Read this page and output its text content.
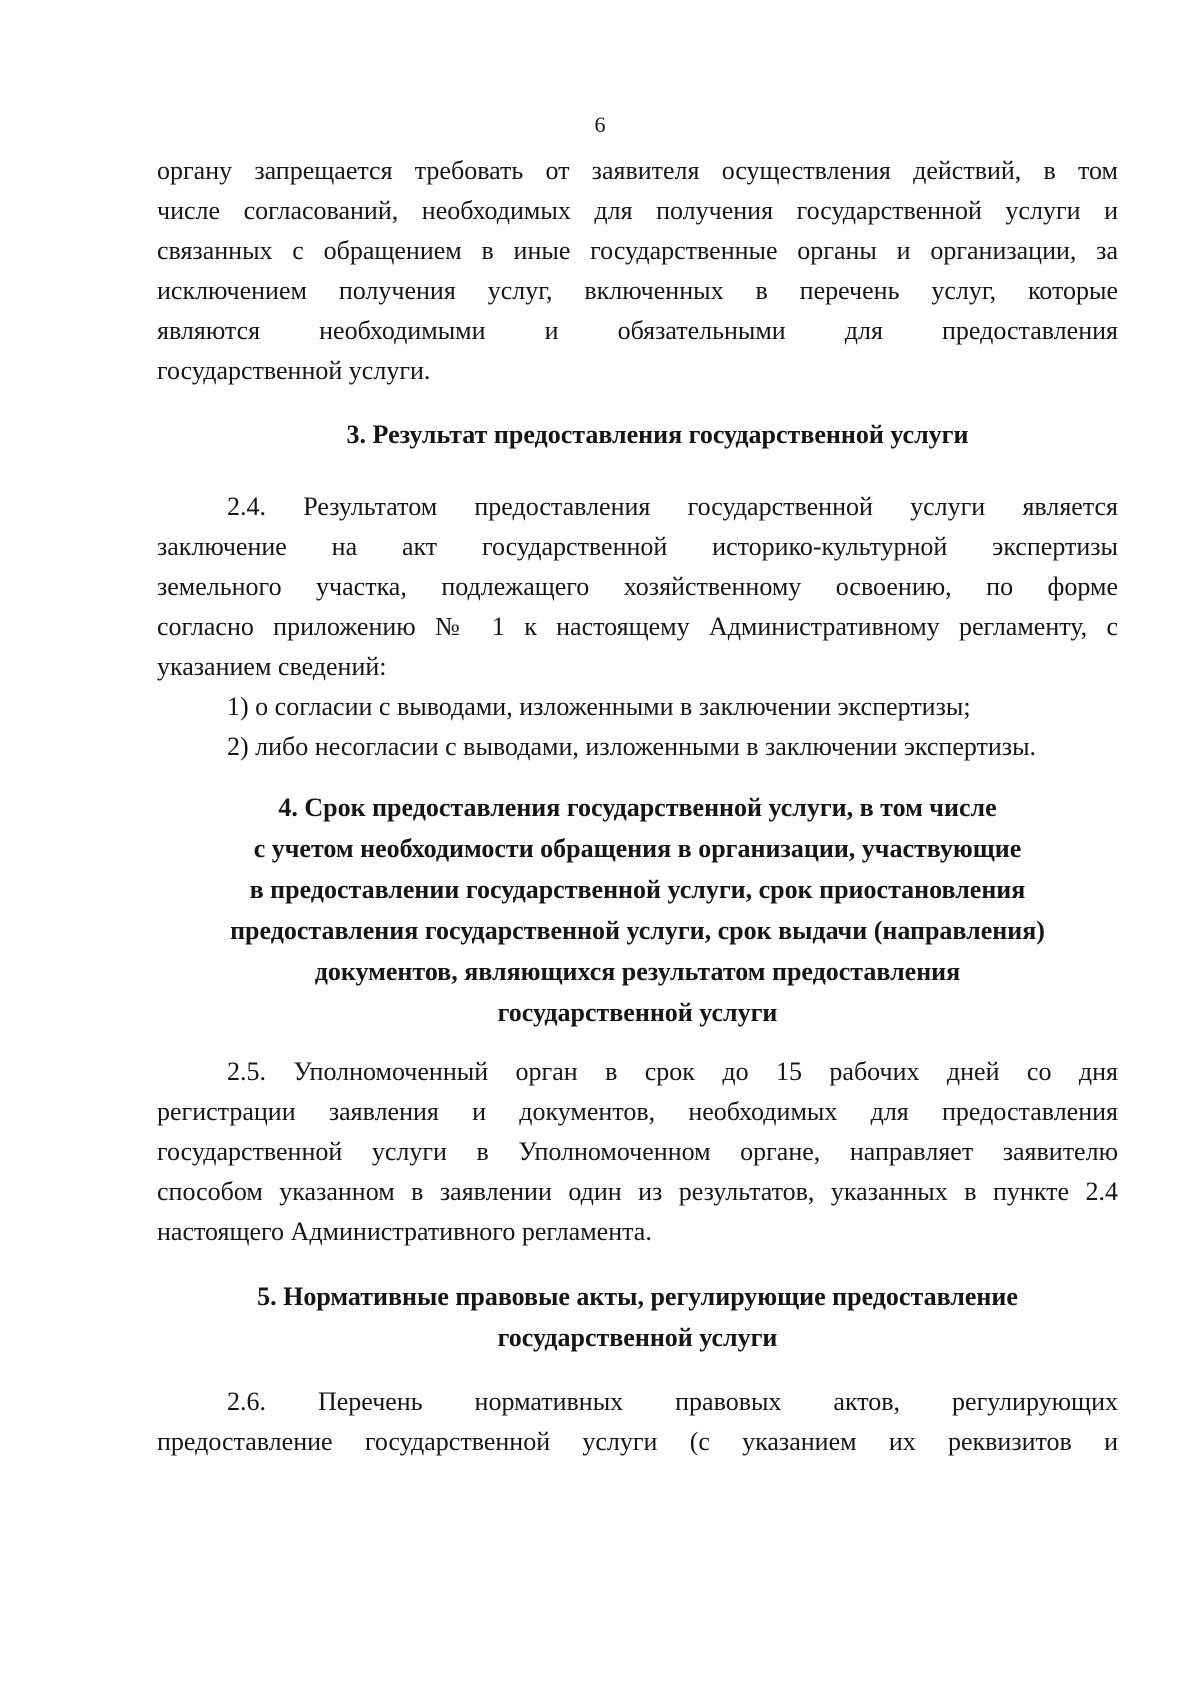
6
органу запрещается требовать от заявителя осуществления действий, в том
числе согласований, необходимых для получения государственной услуги и
связанных с обращением в иные государственные органы и организации, за
исключением получения услуг, включенных в перечень услуг, которые
являются необходимыми и обязательными для предоставления
государственной услуги.
3. Результат предоставления государственной услуги
2.4. Результатом предоставления государственной услуги является
заключение на акт государственной историко-культурной экспертизы
земельного участка, подлежащего хозяйственному освоению, по форме
согласно приложению № 1 к настоящему Административному регламенту, с
указанием сведений:
1) о согласии с выводами, изложенными в заключении экспертизы;
2) либо несогласии с выводами, изложенными в заключении экспертизы.
4. Срок предоставления государственной услуги, в том числе
с учетом необходимости обращения в организации, участвующие
в предоставлении государственной услуги, срок приостановления
предоставления государственной услуги, срок выдачи (направления)
документов, являющихся результатом предоставления
государственной услуги
2.5. Уполномоченный орган в срок до 15 рабочих дней со дня
регистрации заявления и документов, необходимых для предоставления
государственной услуги в Уполномоченном органе, направляет заявителю
способом указанном в заявлении один из результатов, указанных в пункте 2.4
настоящего Административного регламента.
5. Нормативные правовые акты, регулирующие предоставление
государственной услуги
2.6. Перечень нормативных правовых актов, регулирующих
предоставление государственной услуги (с указанием их реквизитов и
